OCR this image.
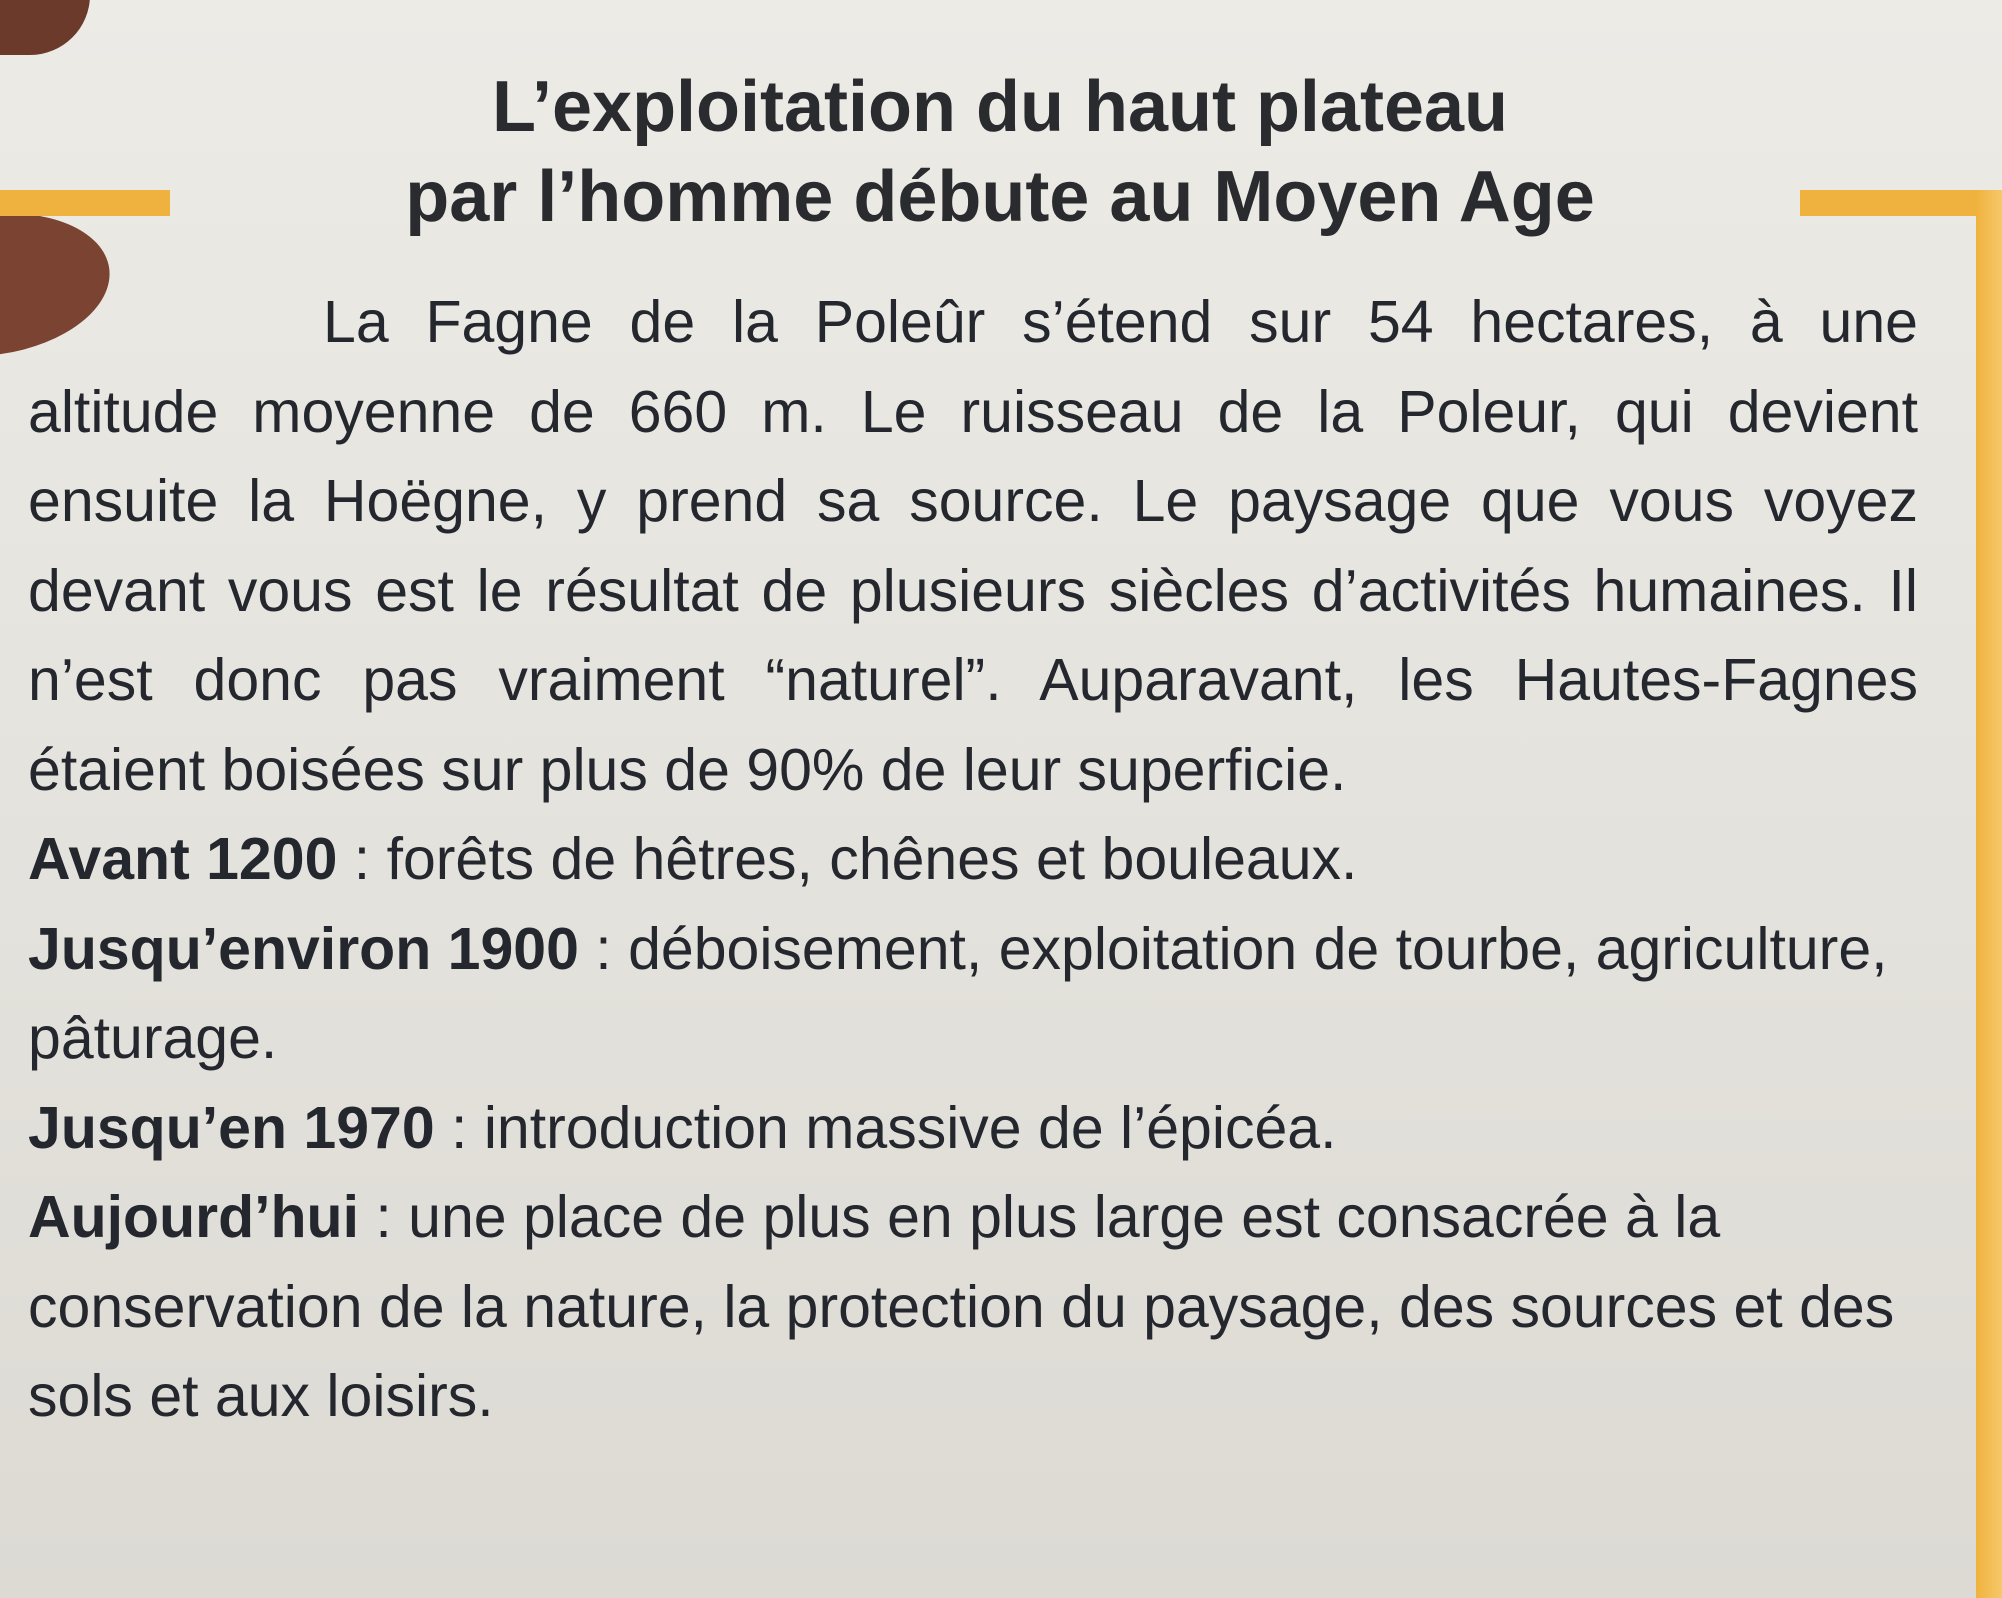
L’exploitation du haut plateau
par l’homme débute au Moyen Age

La Fagne de la Poleûr s’étend sur 54 hectares, à une altitude moyenne de 660 m. Le ruisseau de la Poleur, qui devient ensuite la Hoëgne, y prend sa source. Le paysage que vous voyez devant vous est le résultat de plusieurs siècles d’activités humaines. Il n’est donc pas vraiment “naturel”. Auparavant, les Hautes-Fagnes étaient boisées sur plus de 90% de leur superficie.

Avant 1200 : forêts de hêtres, chênes et bouleaux.

Jusqu’environ 1900 : déboisement, exploitation de tourbe, agriculture, pâturage.

Jusqu’en 1970 : introduction massive de l’épicéa.

Aujourd’hui : une place de plus en plus large est consacrée à la conservation de la nature, la protection du paysage, des sources et des sols et aux loisirs.
